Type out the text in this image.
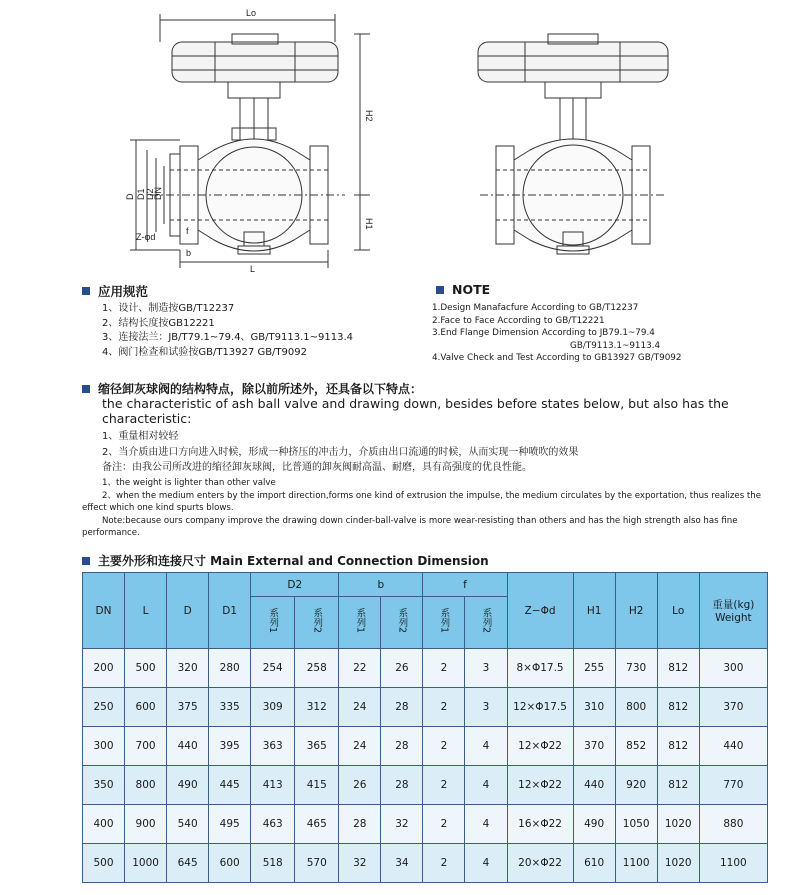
Lo
H2
H1
L
D D1 D2
DN
Z-φd
f
b
应用规范
1、设计、制造按GB/T12237
2、结构长度按GB12221
3、连接法兰：JB/T79.1~79.4、GB/T9113.1~9113.4
4、阀门检查和试验按GB/T13927 GB/T9092
NOTE
1.Design Manafacfure According to GB/T12237
2.Face to Face According to GB/T12221
3.End Flange Dimension According to JB79.1~79.4
GB/T9113.1~9113.4
4.Valve Check and Test According to GB13927 GB/T9092
缩径卸灰球阀的结构特点，除以前所述外，还具备以下特点：
the characteristic of ash ball valve and drawing down, besides before states below, but also has the characteristic:
1、重量相对较轻
2、当介质由进口方向进入时候，形成一种挤压的冲击力，介质由出口流通的时候，从而实现一种喷吹的效果
备注：由我公司所改进的缩径卸灰球阀，比普通的卸灰阀耐高温、耐磨，具有高强度的优良性能。
1、the weight is lighter than other valve
2、when the medium enters by the import direction,forms one kind of extrusion the impulse, the medium circulates by the exportation, thus realizes the effect which one kind spurts blows.
Note:because ours company improve the drawing down cinder-ball-valve is more wear-resisting than others and has the high strength also has fine performance.
主要外形和连接尺寸 Main External and Connection Dimension
DN	L	D	D1	D2		b		f		Z−Φd	H1	H2	Lo	重量(kg)
Weight

				系列1	系列2	系列1	系列2	系列1	系列2					
200	500	320	280	254	258	22	26	2	3	8×Φ17.5	255	730	812	300
250	600	375	335	309	312	24	28	2	3	12×Φ17.5	310	800	812	370
300	700	440	395	363	365	24	28	2	4	12×Φ22	370	852	812	440
350	800	490	445	413	415	26	28	2	4	12×Φ22	440	920	812	770
400	900	540	495	463	465	28	32	2	4	16×Φ22	490	1050	1020	880
500	1000	645	600	518	570	32	34	2	4	20×Φ22	610	1100	1020	1100
